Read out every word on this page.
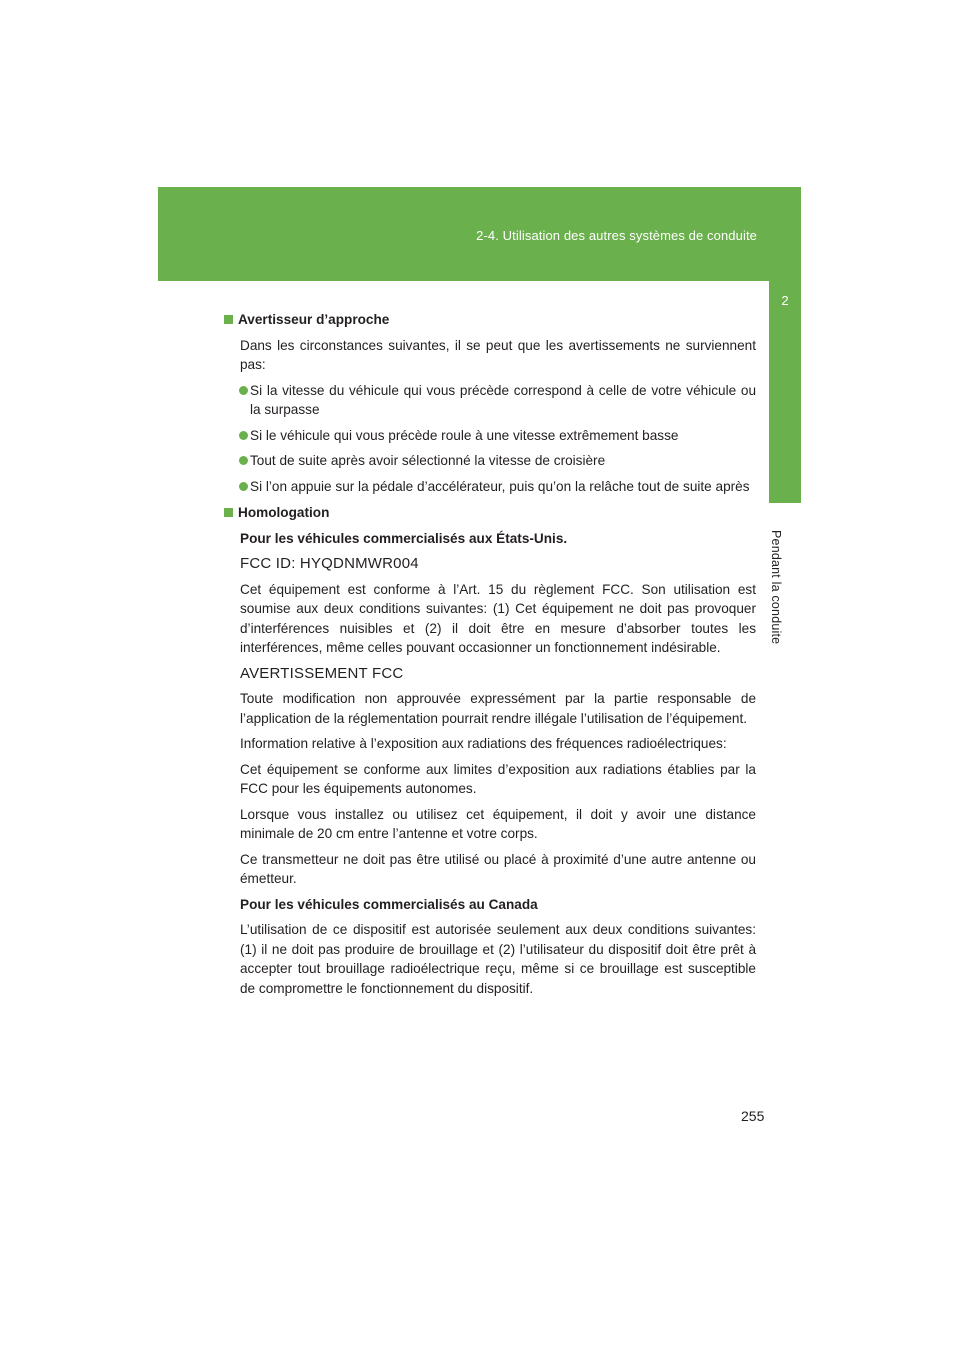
2-4. Utilisation des autres systèmes de conduite
2
Pendant la conduite
Avertisseur d’approche
Dans les circonstances suivantes, il se peut que les avertissements ne surviennent pas:
Si la vitesse du véhicule qui vous précède correspond à celle de votre véhicule ou la surpasse
Si le véhicule qui vous précède roule à une vitesse extrêmement basse
Tout de suite après avoir sélectionné la vitesse de croisière
Si l’on appuie sur la pédale d’accélérateur, puis qu’on la relâche tout de suite après
Homologation
Pour les véhicules commercialisés aux États-Unis.
FCC ID: HYQDNMWR004
Cet équipement est conforme à l’Art. 15 du règlement FCC. Son utilisation est soumise aux deux conditions suivantes: (1) Cet équipement ne doit pas provoquer d’interférences nuisibles et (2) il doit être en mesure d’absorber toutes les interférences, même celles pouvant occasionner un fonctionnement indésirable.
AVERTISSEMENT FCC
Toute modification non approuvée expressément par la partie responsable de l’application de la réglementation pourrait rendre illégale l’utilisation de l’équipement.
Information relative à l’exposition aux radiations des fréquences radioélectriques:
Cet équipement se conforme aux limites d’exposition aux radiations établies par la FCC pour les équipements autonomes.
Lorsque vous installez ou utilisez cet équipement, il doit y avoir une distance minimale de 20 cm entre l’antenne et votre corps.
Ce transmetteur ne doit pas être utilisé ou placé à proximité d’une autre antenne ou émetteur.
Pour les véhicules commercialisés au Canada
L’utilisation de ce dispositif est autorisée seulement aux deux conditions suivantes: (1) il ne doit pas produire de brouillage et (2) l’utilisateur du dispositif doit être prêt à accepter tout brouillage radioélectrique reçu, même si ce brouillage est susceptible de compromettre le fonctionnement du dispositif.
255
